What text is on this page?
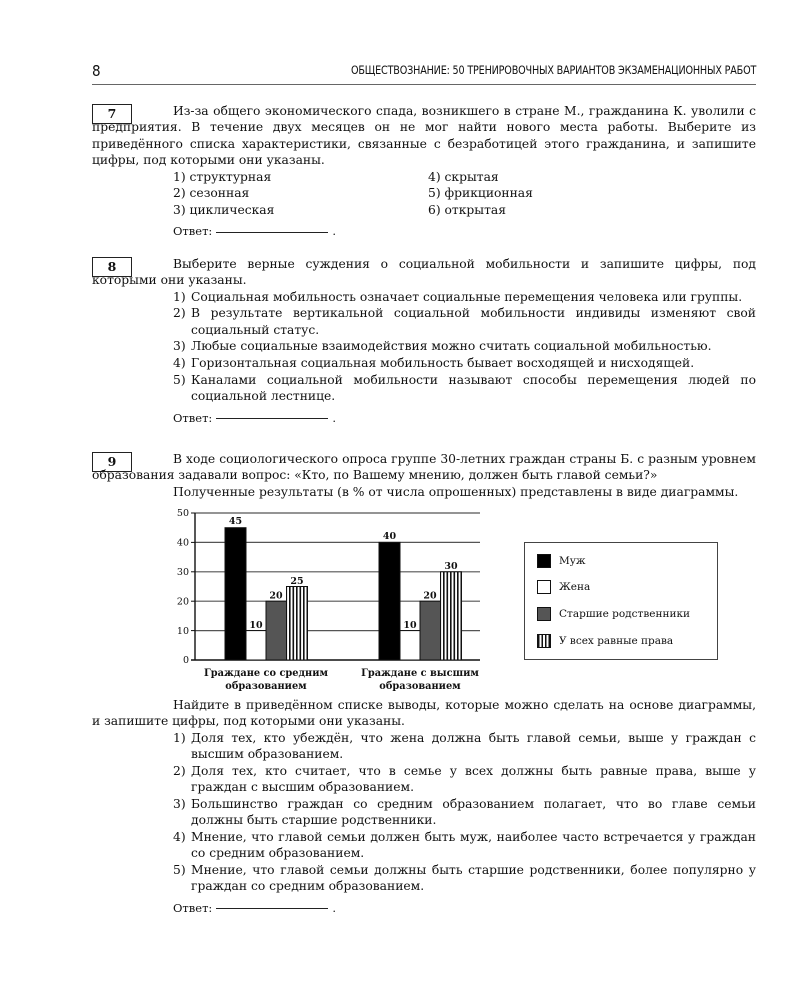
8	ОБЩЕСТВОЗНАНИЕ: 50 ТРЕНИРОВОЧНЫХ ВАРИАНТОВ ЭКЗАМЕНАЦИОННЫХ РАБОТ
7	Из-за общего экономического спада, возникшего в стране М., гражданина К. уволили с предприятия. В течение двух месяцев он не мог найти нового места работы. Выберите из приведённого списка характеристики, связанные с безработицей этого гражданина, и запишите цифры, под которыми они указаны.

1) структурная	4) скрытая
2) сезонная	5) фрикционная
3) циклическая	6) открытая
Ответ:	.
8	Выберите верные суждения о социальной мобильности и запишите цифры, под которыми они указаны.

1) Социальная мобильность означает социальные перемещения человека или группы.
2) В результате вертикальной социальной мобильности индивиды изменяют свой социальный статус.
3) Любые социальные взаимодействия можно считать социальной мобильностью.
4) Горизонтальная социальная мобильность бывает восходящей и нисходящей.
5) Каналами социальной мобильности называют способы перемещения людей по социальной лестнице.
Ответ:	.
9	В ходе социологического опроса группе 30-летних граждан страны Б. с разным уровнем образования задавали вопрос: «Кто, по Вашему мнению, должен быть главой семьи?»

Полученные результаты (в % от числа опрошенных) представлены в виде диаграммы.

50
40
30
20
10
0
45
10
20
25
40
10
20
30
Граждане со средним
образованием
Граждане с высшим
образованием
Муж
Жена
Старшие родственники
У всех равные права

Найдите в приведённом списке выводы, которые можно сделать на основе диаграммы, и запишите цифры, под которыми они указаны.

1) Доля тех, кто убеждён, что жена должна быть главой семьи, выше у граждан с высшим образованием.
2) Доля тех, кто считает, что в семье у всех должны быть равные права, выше у граждан с высшим образованием.
3) Большинство граждан со средним образованием полагает, что во главе семьи должны быть старшие родственники.
4) Мнение, что главой семьи должен быть муж, наиболее часто встречается у граждан со средним образованием.
5) Мнение, что главой семьи должны быть старшие родственники, более популярно у граждан со средним образованием.
Ответ:	.
